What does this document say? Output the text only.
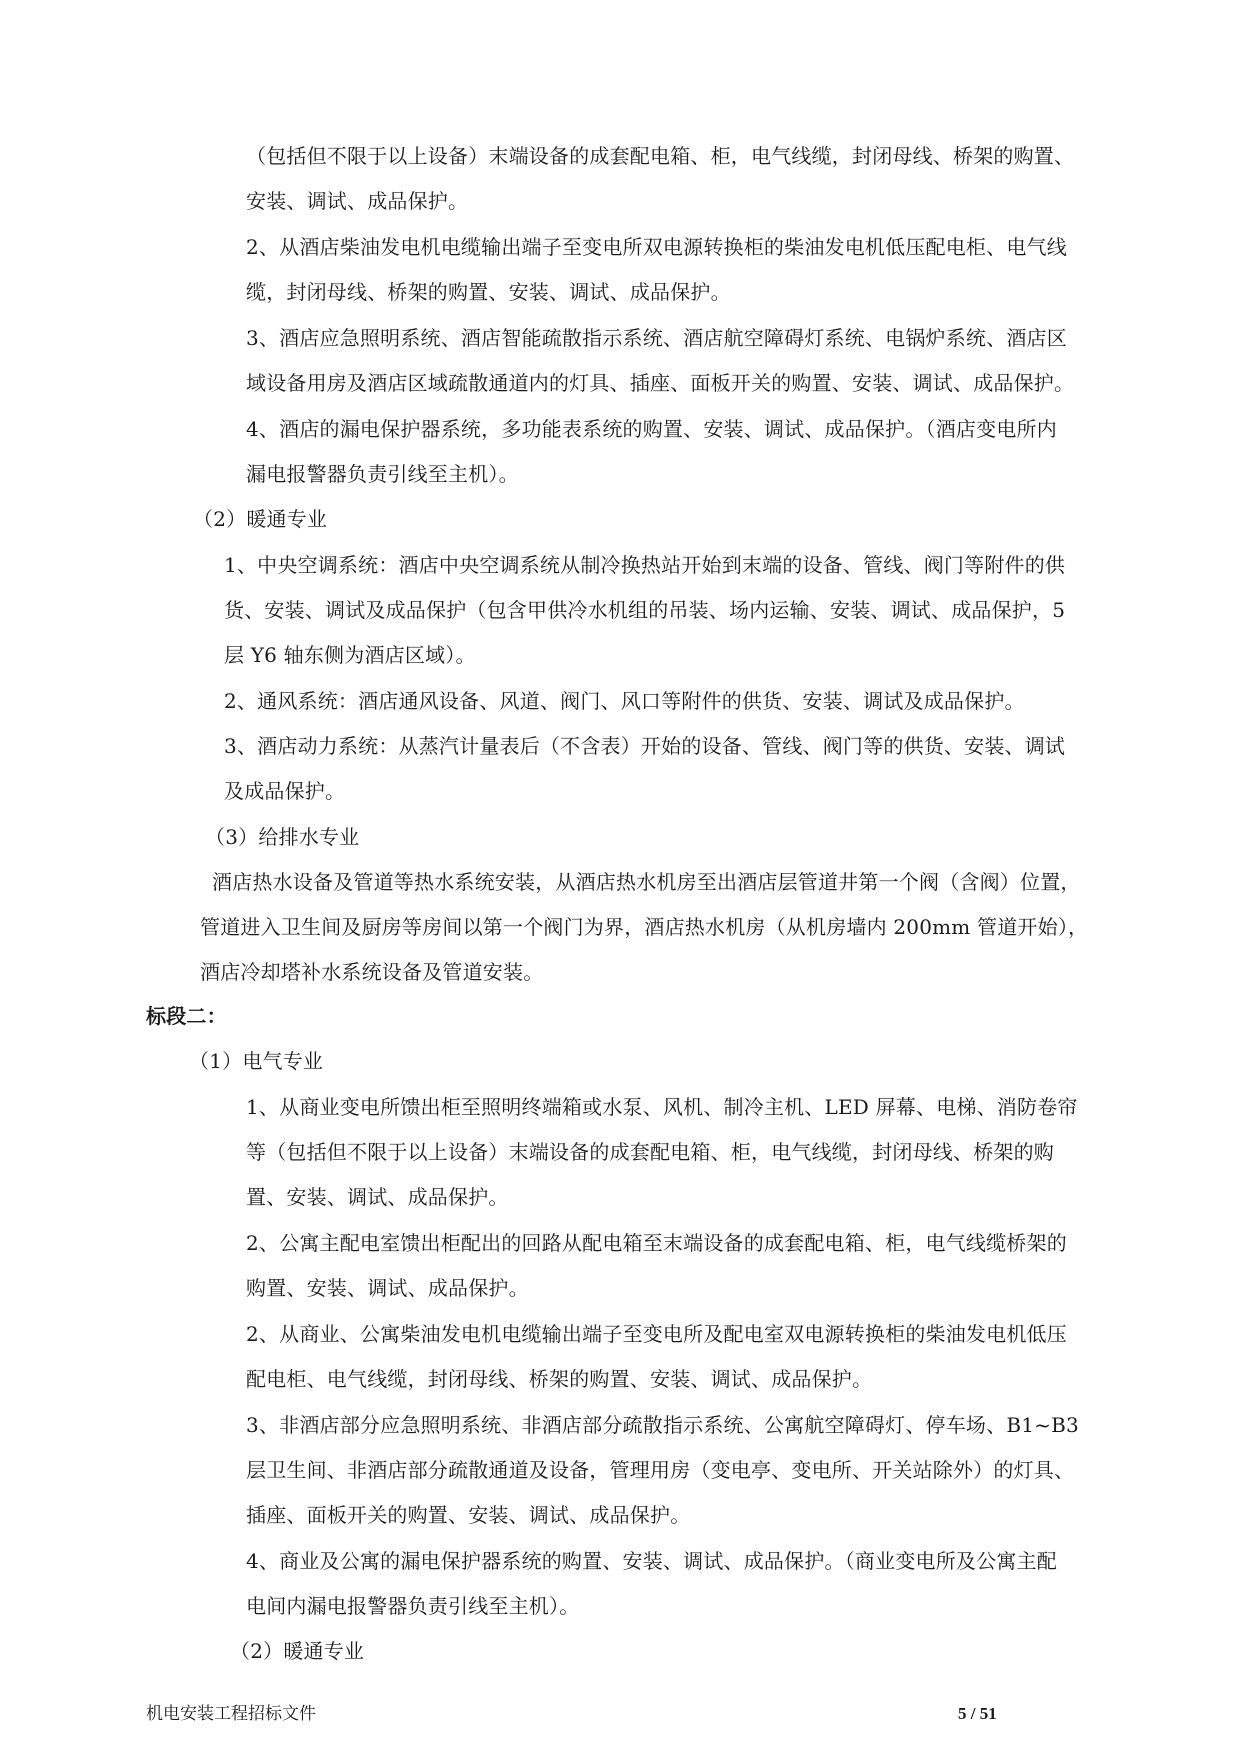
（包括但不限于以上设备）末端设备的成套配电箱、柜，电气线缆，封闭母线、桥架的购置、
安装、调试、成品保护。
2、从酒店柴油发电机电缆输出端子至变电所双电源转换柜的柴油发电机低压配电柜、电气线
缆，封闭母线、桥架的购置、安装、调试、成品保护。
3、酒店应急照明系统、酒店智能疏散指示系统、酒店航空障碍灯系统、电锅炉系统、酒店区
域设备用房及酒店区域疏散通道内的灯具、插座、面板开关的购置、安装、调试、成品保护。
4、酒店的漏电保护器系统，多功能表系统的购置、安装、调试、成品保护。（酒店变电所内
漏电报警器负责引线至主机）。
（2）暖通专业
1、中央空调系统：酒店中央空调系统从制冷换热站开始到末端的设备、管线、阀门等附件的供
货、安装、调试及成品保护（包含甲供冷水机组的吊装、场内运输、安装、调试、成品保护，5
层 Y6 轴东侧为酒店区域）。
2、通风系统：酒店通风设备、风道、阀门、风口等附件的供货、安装、调试及成品保护。
3、酒店动力系统：从蒸汽计量表后（不含表）开始的设备、管线、阀门等的供货、安装、调试
及成品保护。
（3）给排水专业
酒店热水设备及管道等热水系统安装，从酒店热水机房至出酒店层管道井第一个阀（含阀）位置，
管道进入卫生间及厨房等房间以第一个阀门为界，酒店热水机房（从机房墙内 200mm 管道开始），
酒店冷却塔补水系统设备及管道安装。
标段二：
（1）电气专业
1、从商业变电所馈出柜至照明终端箱或水泵、风机、制冷主机、LED 屏幕、电梯、消防卷帘
等（包括但不限于以上设备）末端设备的成套配电箱、柜，电气线缆，封闭母线、桥架的购
置、安装、调试、成品保护。
2、公寓主配电室馈出柜配出的回路从配电箱至末端设备的成套配电箱、柜，电气线缆桥架的
购置、安装、调试、成品保护。
2、从商业、公寓柴油发电机电缆输出端子至变电所及配电室双电源转换柜的柴油发电机低压
配电柜、电气线缆，封闭母线、桥架的购置、安装、调试、成品保护。
3、非酒店部分应急照明系统、非酒店部分疏散指示系统、公寓航空障碍灯、停车场、B1~B3
层卫生间、非酒店部分疏散通道及设备，管理用房（变电亭、变电所、开关站除外）的灯具、
插座、面板开关的购置、安装、调试、成品保护。
4、商业及公寓的漏电保护器系统的购置、安装、调试、成品保护。（商业变电所及公寓主配
电间内漏电报警器负责引线至主机）。
（2）暖通专业
机电安装工程招标文件	5 / 51
